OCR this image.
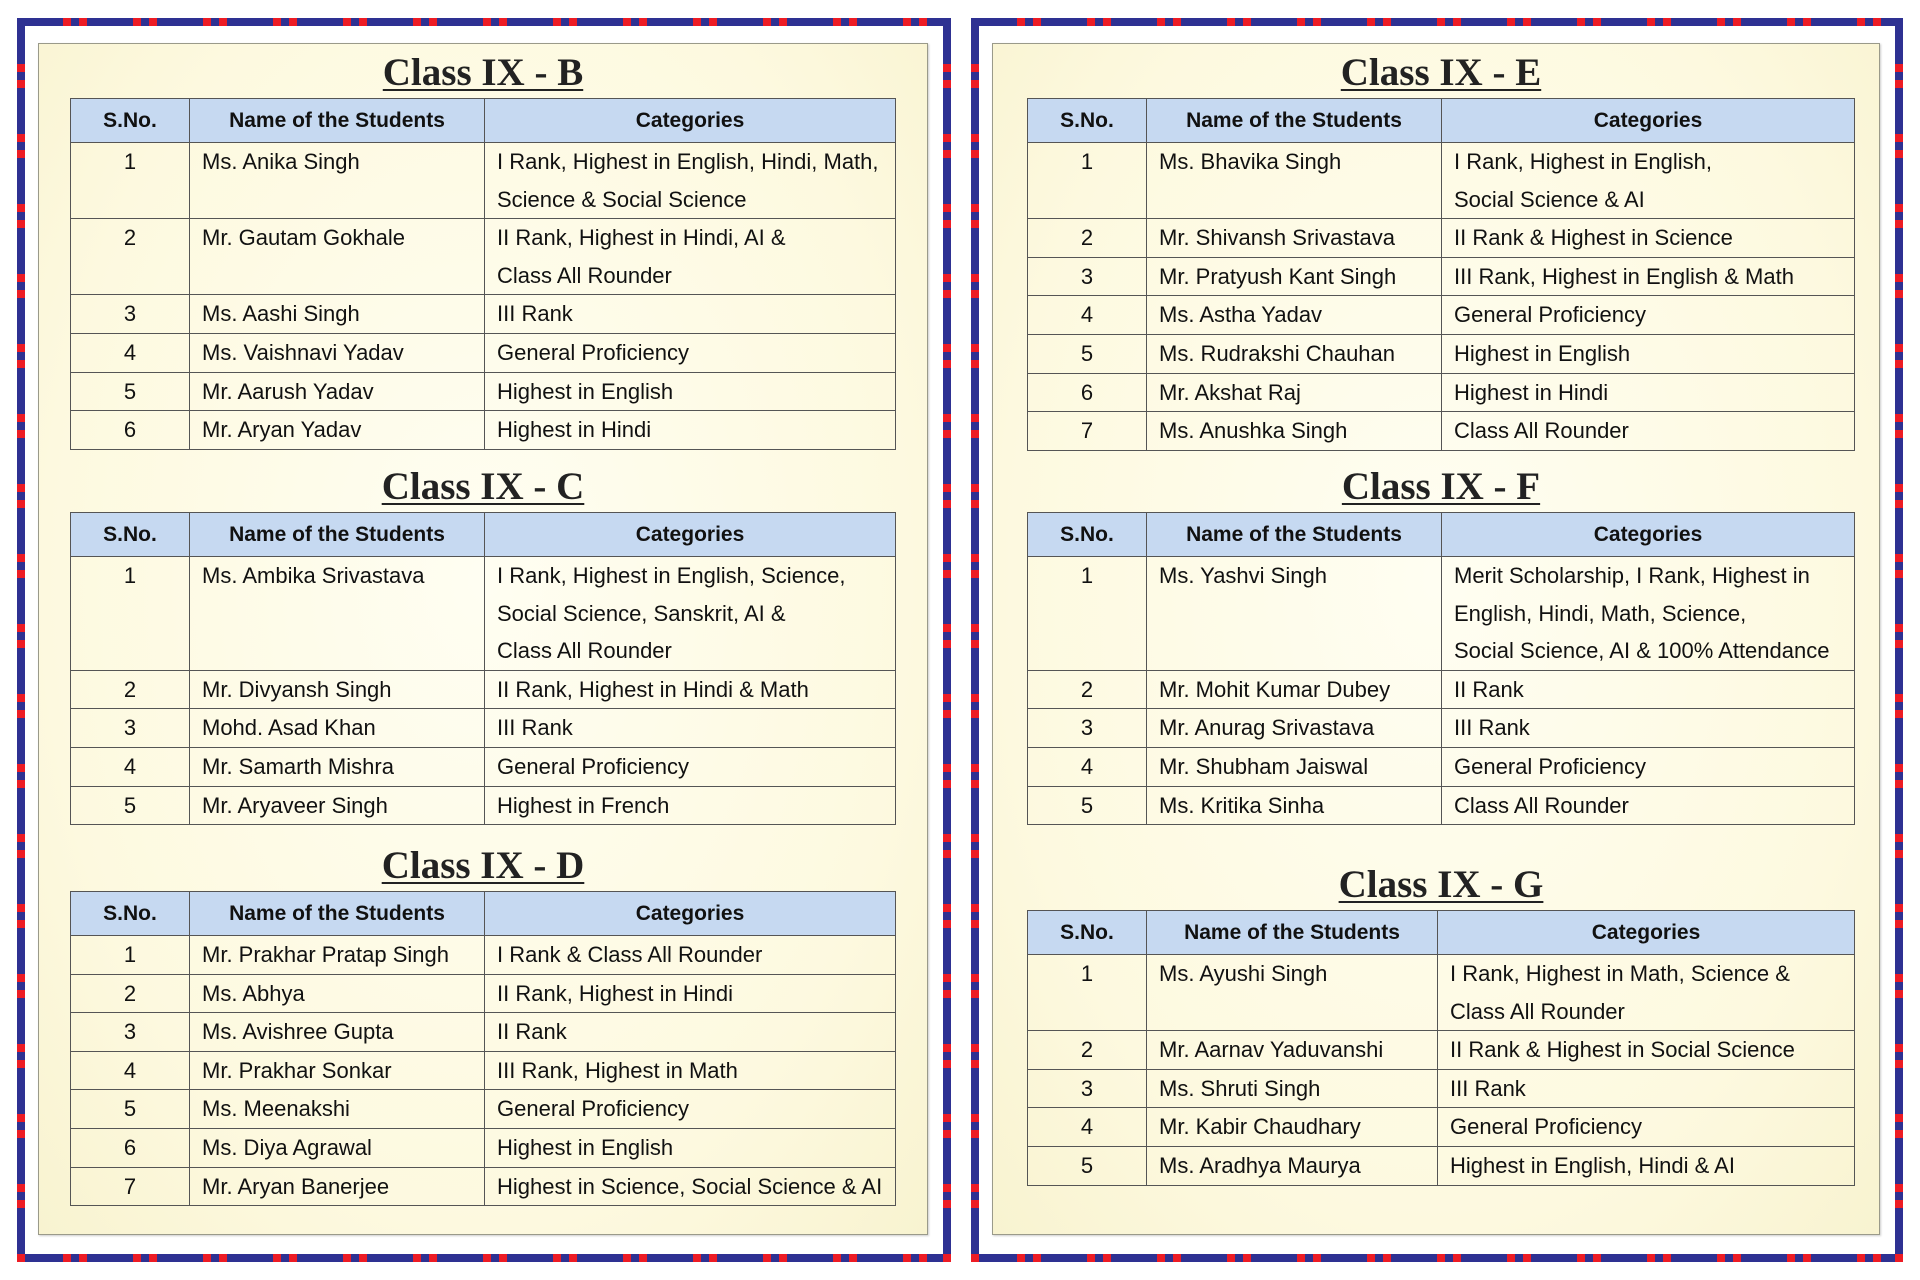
Class IX - B
S.No.	Name of the Students	Categories
1	Ms. Anika Singh	I Rank, Highest in English, Hindi, Math,
Science & Social Science
2	Mr. Gautam Gokhale	II Rank, Highest in Hindi, AI &
Class All Rounder
3	Ms. Aashi Singh	III Rank
4	Ms. Vaishnavi Yadav	General Proficiency
5	Mr. Aarush Yadav	Highest in English
6	Mr. Aryan Yadav	Highest in Hindi
Class IX - C
S.No.	Name of the Students	Categories
1	Ms. Ambika Srivastava	I Rank, Highest in English, Science,
Social Science, Sanskrit, AI &
Class All Rounder
2	Mr. Divyansh Singh	II Rank, Highest in Hindi & Math
3	Mohd. Asad Khan	III Rank
4	Mr. Samarth Mishra	General Proficiency
5	Mr. Aryaveer Singh	Highest in French
Class IX - D
S.No.	Name of the Students	Categories
1	Mr. Prakhar Pratap Singh	I Rank & Class All Rounder
2	Ms. Abhya	II Rank, Highest in Hindi
3	Ms. Avishree Gupta	II Rank
4	Mr. Prakhar Sonkar	III Rank, Highest in Math
5	Ms. Meenakshi	General Proficiency
6	Ms. Diya Agrawal	Highest in English
7	Mr. Aryan Banerjee	Highest in Science, Social Science & AI
Class IX - E
S.No.	Name of the Students	Categories
1	Ms. Bhavika Singh	I Rank, Highest in English,
Social Science & AI
2	Mr. Shivansh Srivastava	II Rank & Highest in Science
3	Mr. Pratyush Kant Singh	III Rank, Highest in English & Math
4	Ms. Astha Yadav	General Proficiency
5	Ms. Rudrakshi Chauhan	Highest in English
6	Mr. Akshat Raj	Highest in Hindi
7	Ms. Anushka Singh	Class All Rounder
Class IX - F
S.No.	Name of the Students	Categories
1	Ms. Yashvi Singh	Merit Scholarship, I Rank, Highest in
English, Hindi, Math, Science,
Social Science, AI & 100% Attendance
2	Mr. Mohit Kumar Dubey	II Rank
3	Mr. Anurag Srivastava	III Rank
4	Mr. Shubham Jaiswal	General Proficiency
5	Ms. Kritika Sinha	Class All Rounder
Class IX - G
S.No.	Name of the Students	Categories
1	Ms. Ayushi Singh	I Rank, Highest in Math, Science &
Class All Rounder
2	Mr. Aarnav Yaduvanshi	II Rank & Highest in Social Science
3	Ms. Shruti Singh	III Rank
4	Mr. Kabir Chaudhary	General Proficiency
5	Ms. Aradhya Maurya	Highest in English, Hindi & AI
